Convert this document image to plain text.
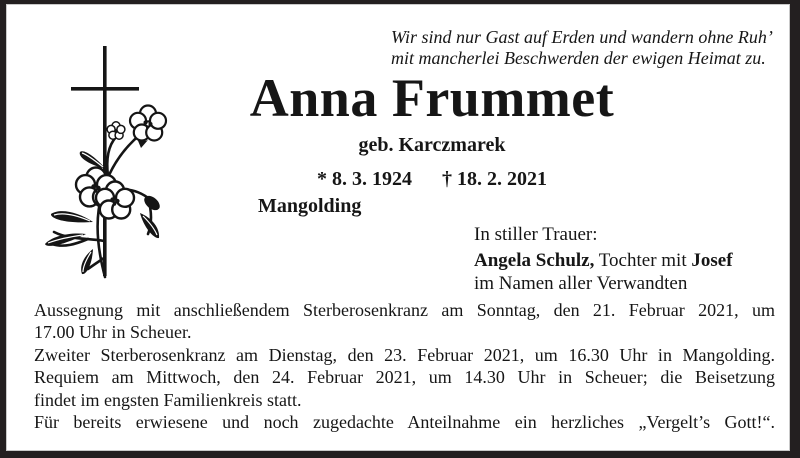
Wir sind nur Gast auf Erden und wandern ohne Ruh’
mit mancherlei Beschwerden der ewigen Heimat zu.
Anna Frummet
geb. Karczmarek
* 8. 3. 1924 † 18. 2. 2021
Mangolding
In stiller Trauer:
Angela Schulz, Tochter mit Josef
im Namen aller Verwandten
Aussegnung mit anschließendem Sterberosenkranz am Sonntag, den 21. Februar 2021, um
17.00 Uhr in Scheuer.
Zweiter Sterberosenkranz am Dienstag, den 23. Februar 2021, um 16.30 Uhr in Mangolding.
Requiem am Mittwoch, den 24. Februar 2021, um 14.30 Uhr in Scheuer; die Beisetzung
findet im engsten Familienkreis statt.
Für bereits erwiesene und noch zugedachte Anteilnahme ein herzliches „Vergelt’s Gott!“.
